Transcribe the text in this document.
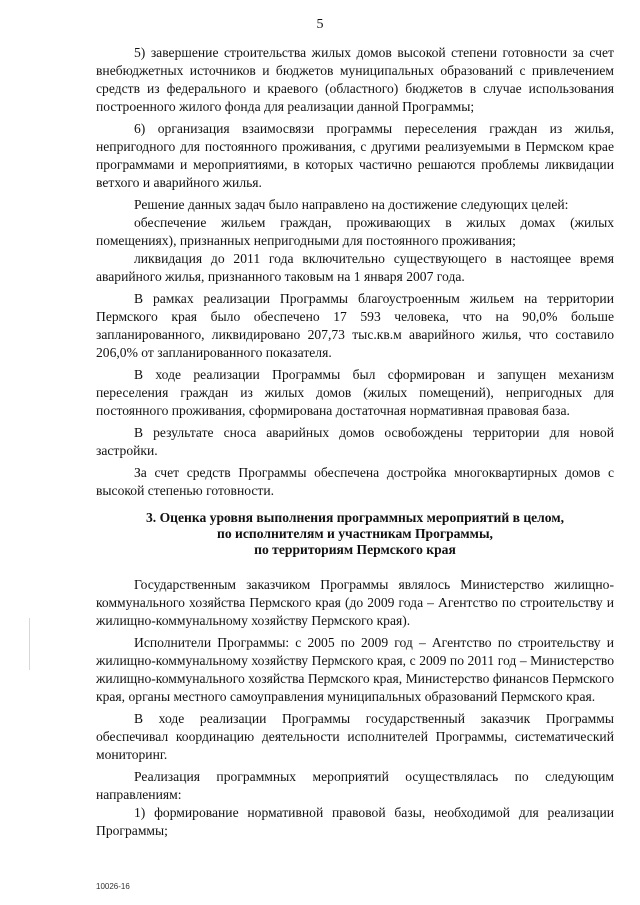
5

5) завершение строительства жилых домов высокой степени готовности за счет внебюджетных источников и бюджетов муниципальных образований с привлечением средств из федерального и краевого (областного) бюджетов в случае использования построенного жилого фонда для реализации данной Программы;

6) организация взаимосвязи программы переселения граждан из жилья, непригодного для постоянного проживания, с другими реализуемыми в Пермском крае программами и мероприятиями, в которых частично решаются проблемы ликвидации ветхого и аварийного жилья.

Решение данных задач было направлено на достижение следующих целей:

обеспечение жильем граждан, проживающих в жилых домах (жилых помещениях), признанных непригодными для постоянного проживания;

ликвидация до 2011 года включительно существующего в настоящее время аварийного жилья, признанного таковым на 1 января 2007 года.

В рамках реализации Программы благоустроенным жильем на территории Пермского края было обеспечено 17 593 человека, что на 90,0% больше запланированного, ликвидировано 207,73 тыс.кв.м аварийного жилья, что составило 206,0% от запланированного показателя.

В ходе реализации Программы был сформирован и запущен механизм переселения граждан из жилых домов (жилых помещений), непригодных для постоянного проживания, сформирована достаточная нормативная правовая база.

В результате сноса аварийных домов освобождены территории для новой застройки.

За счет средств Программы обеспечена достройка многоквартирных домов с высокой степенью готовности.

3. Оценка уровня выполнения программных мероприятий в целом,
по исполнителям и участникам Программы,
по территориям Пермского края

Государственным заказчиком Программы являлось Министерство жилищно-коммунального хозяйства Пермского края (до 2009 года – Агентство по строительству и жилищно-коммунальному хозяйству Пермского края).

Исполнители Программы: с 2005 по 2009 год – Агентство по строительству и жилищно-коммунальному хозяйству Пермского края, с 2009 по 2011 год – Министерство жилищно-коммунального хозяйства Пермского края, Министерство финансов Пермского края, органы местного самоуправления муниципальных образований Пермского края.

В ходе реализации Программы государственный заказчик Программы обеспечивал координацию деятельности исполнителей Программы, систематический мониторинг.

Реализация программных мероприятий осуществлялась по следующим направлениям:

1) формирование нормативной правовой базы, необходимой для реализации Программы;

10026-16
